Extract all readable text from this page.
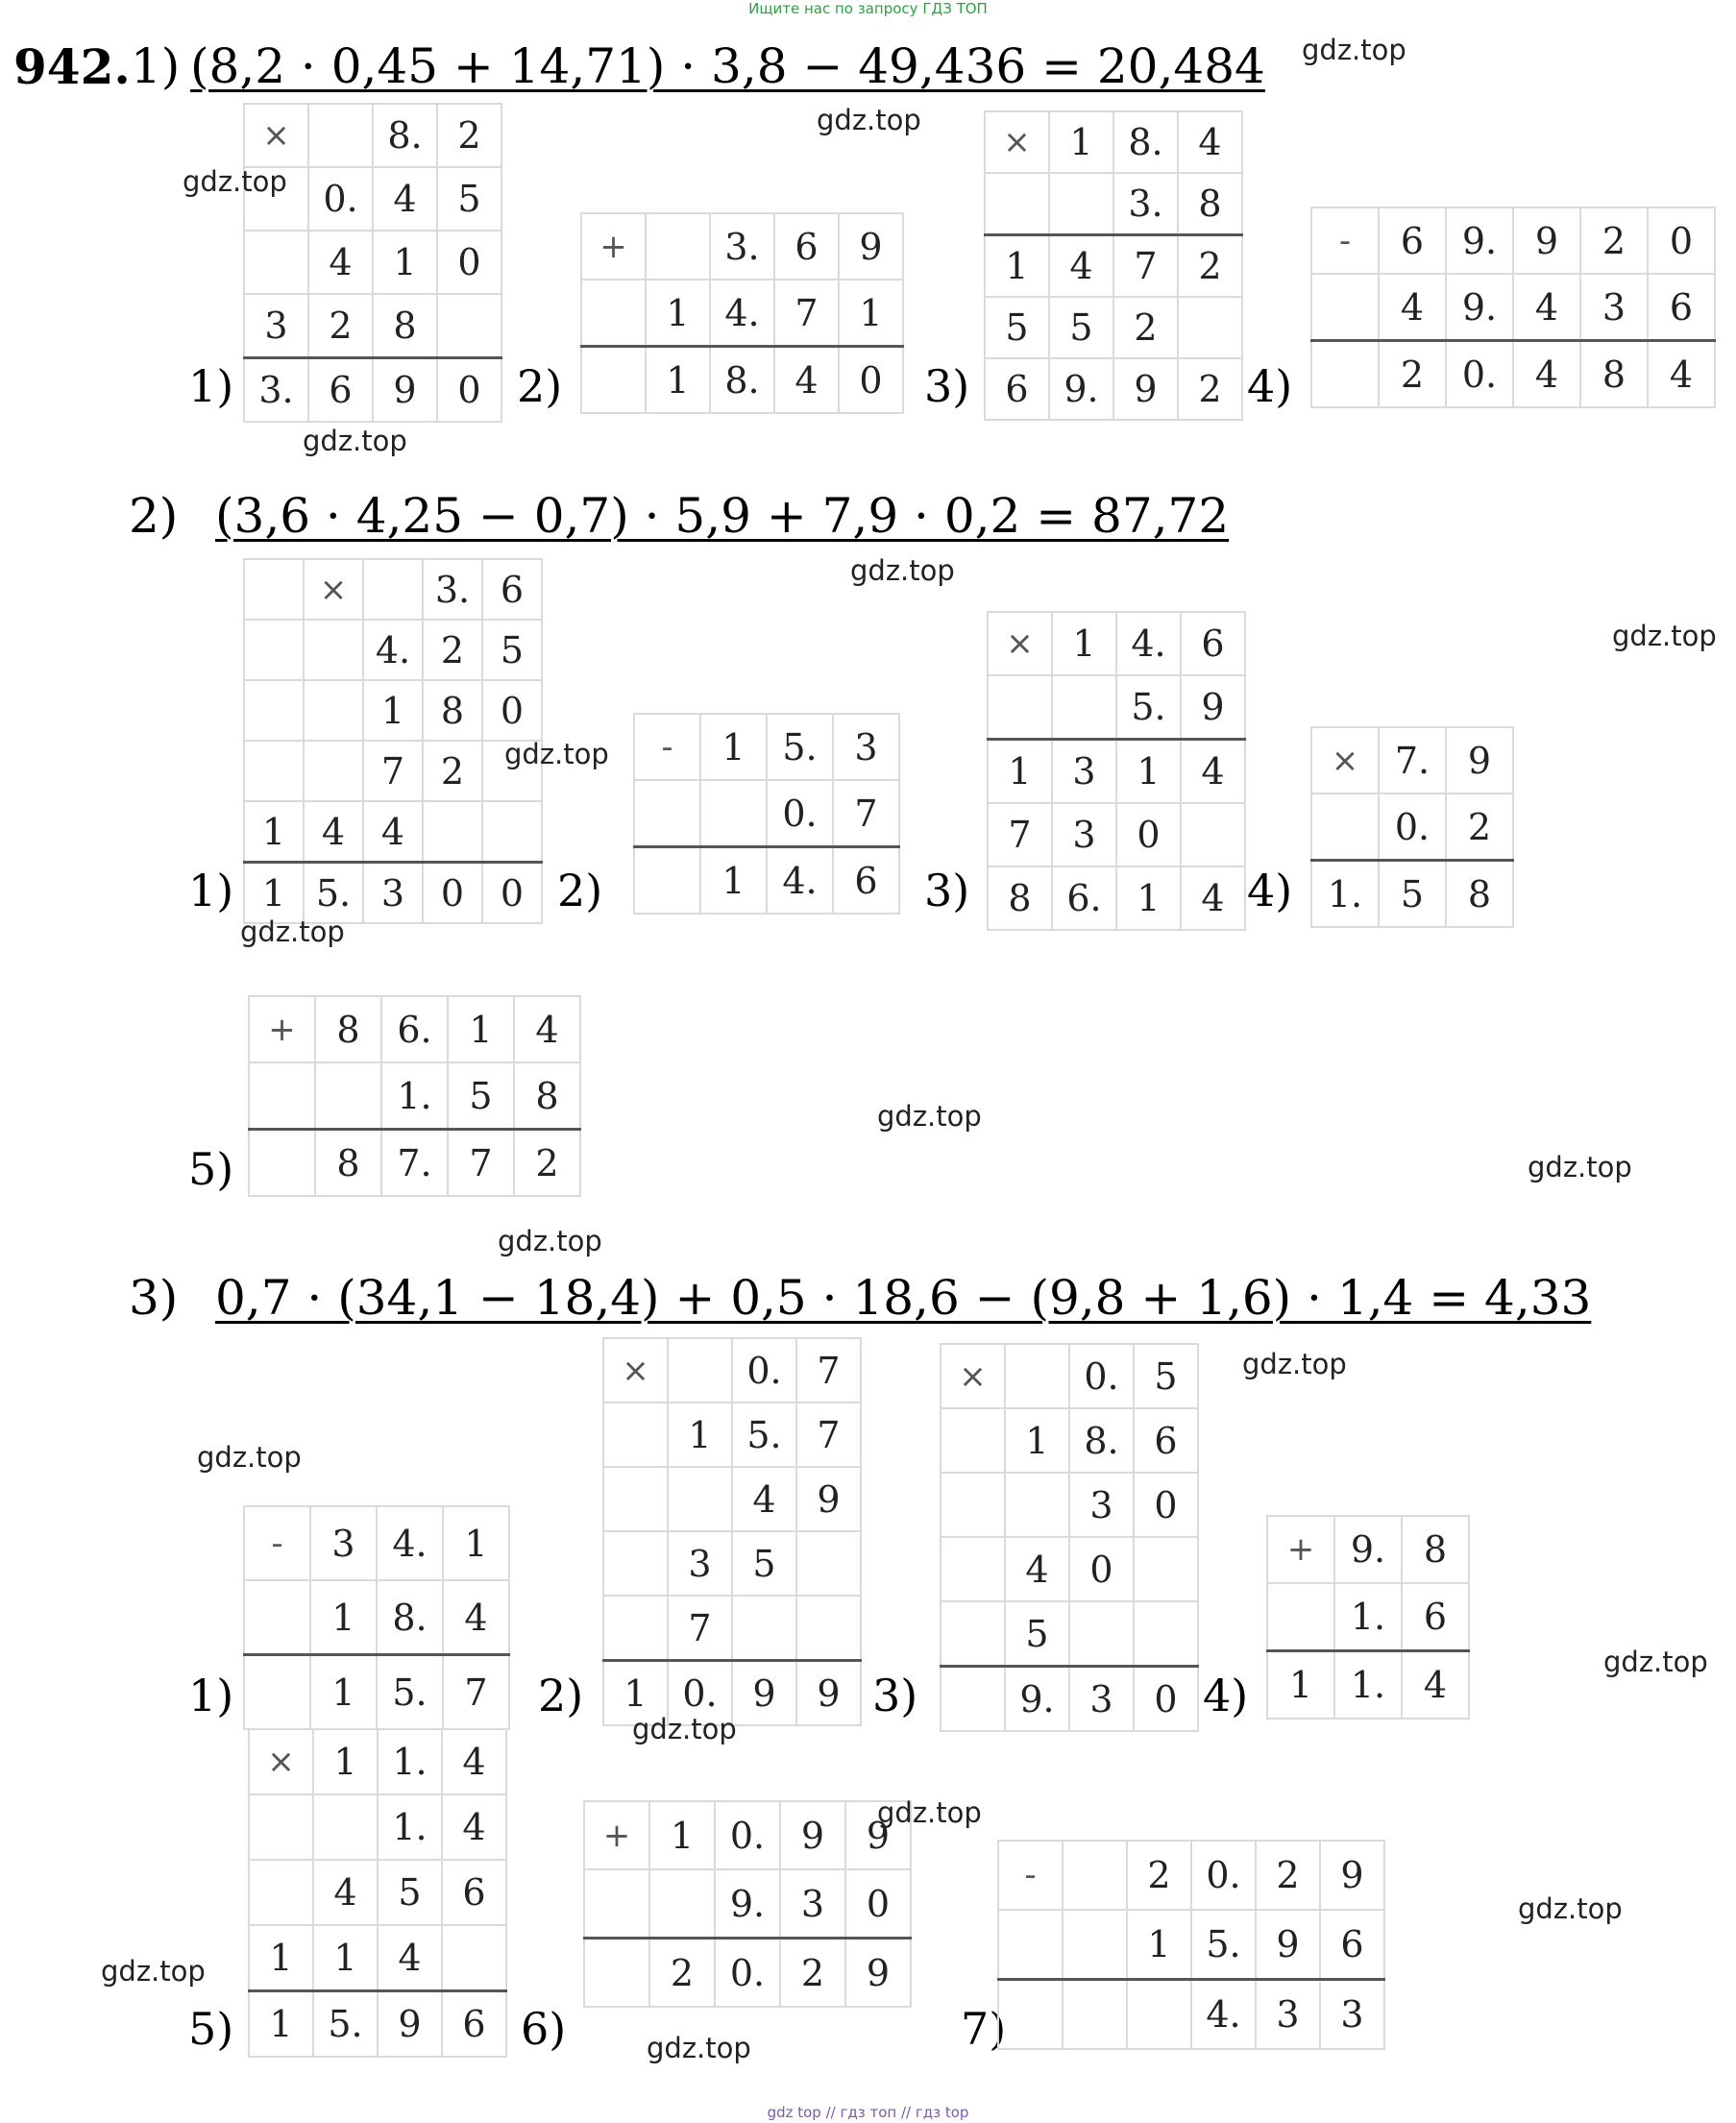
Ищите нас по запросу ГДЗ ТОП
gdz top // гдз топ // гдз top
942. 1) (8,2 · 0,45 + 14,71) · 3,8 − 49,436 = 20,484
2) (3,6 · 4,25 − 0,7) · 5,9 + 7,9 · 0,2 = 87,72
3) 0,7 · (34,1 − 18,4) + 0,5 · 18,6 − (9,8 + 1,6) · 1,4 = 4,33
1)
×		8.	2
	0.	4	5
	4	1	0
3	2	8	
3.	6	9	0 2)
+		3.	6	9
	1	4.	7	1
	1	8.	4	0 3)
×	1	8.	4
		3.	8
1	4	7	2
5	5	2	
6	9.	9	2 4)
-	6	9.	9	2	0
	4	9.	4	3	6
	2	0.	4	8	4
1)
	×		3.	6
		4.	2	5
		1	8	0
		7	2	
1	4	4		
1	5.	3	0	0 2)
-	1	5.	3
		0.	7
	1	4.	6 3)
×	1	4.	6
		5.	9
1	3	1	4
7	3	0	
8	6.	1	4 4)
×	7.	9
	0.	2
1.	5	8
5)
+	8	6.	1	4
		1.	5	8
	8	7.	7	2
1)
-	3	4.	1
	1	8.	4
	1	5.	7 2)
×		0.	7
	1	5.	7
		4	9
	3	5	
	7		
1	0.	9	9 3)
×		0.	5
	1	8.	6
		3	0
	4	0	
	5		
	9.	3	0 4)
+	9.	8
	1.	6
1	1.	4
5)
×	1	1.	4
		1.	4
	4	5	6
1	1	4	
1	5.	9	6 6)
+	1	0.	9	9
		9.	3	0
	2	0.	2	9
7)
-		2	0.	2	9
		1	5.	9	6
			4.	3	3
gdz.top
gdz.top
gdz.top
gdz.top
gdz.top
gdz.top
gdz.top
gdz.top
gdz.top
gdz.top
gdz.top
gdz.top
gdz.top
gdz.top
gdz.top
gdz.top
gdz.top
gdz.top
gdz.top
